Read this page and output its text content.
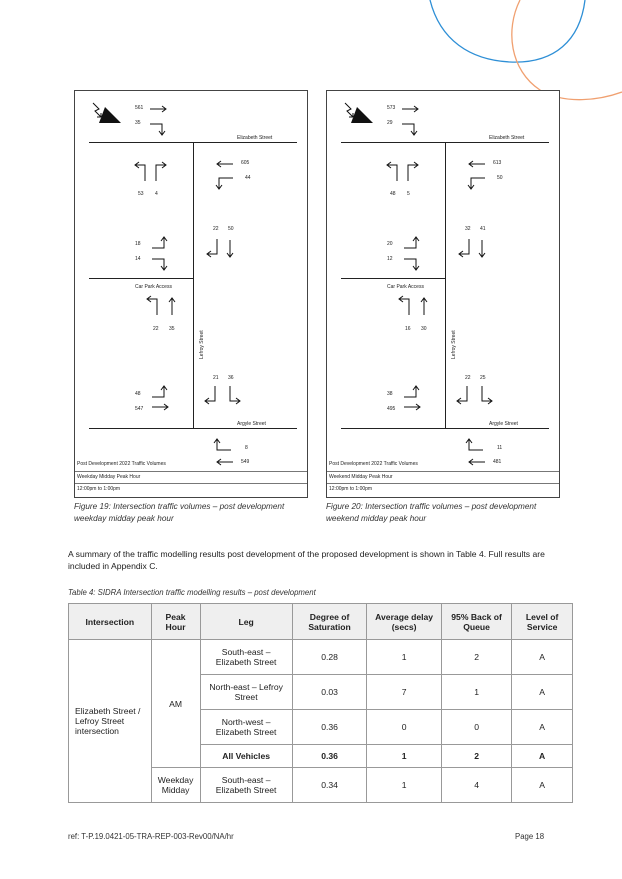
Elizabeth Street
Car Park Access
Argyle Street
Lefroy Street
561
35
605
44
53 4
22 50
18
14
22 35
21 36
48
547
8
549
Post Development 2022 Traffic Volumes
Weekday Midday Peak Hour
12:00pm to 1:00pm
Elizabeth Street
Car Park Access
Argyle Street
Lefroy Street
573
29
613
50
48 5
32 41
20
12
16 30
22 25
38
495
11
481
Post Development 2022 Traffic Volumes
Weekend Midday Peak Hour
12:00pm to 1:00pm
Figure 19: Intersection traffic volumes – post development weekday midday peak hour
Figure 20: Intersection traffic volumes – post development weekend midday peak hour
A summary of the traffic modelling results post development of the proposed development is shown in Table 4. Full results are included in Appendix C.
Table 4: SIDRA Intersection traffic modelling results – post development
Intersection	Peak Hour	Leg	Degree of Saturation	Average delay (secs)	95% Back of Queue	Level of Service
Elizabeth Street / Lefroy Street intersection	AM	South-east – Elizabeth Street	0.28	1	2	A
		North-east – Lefroy Street	0.03	7	1	A
		North-west – Elizabeth Street	0.36	0	0	A
		All Vehicles	0.36	1	2	A
	Weekday Midday	South-east – Elizabeth Street	0.34	1	4	A
ref: T-P.19.0421-05-TRA-REP-003-Rev00/NA/hr	Page 18
